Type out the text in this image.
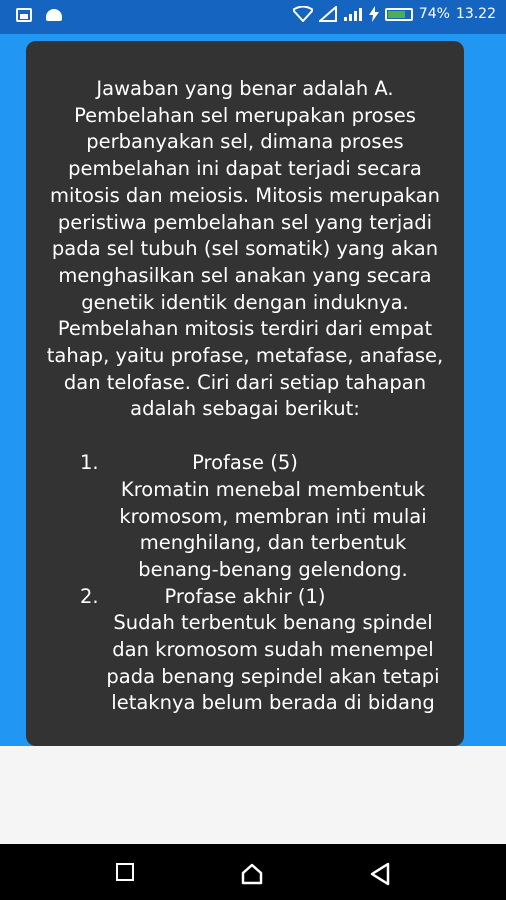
74% 13.22
Jawaban yang benar adalah A. Pembelahan sel merupakan proses perbanyakan sel, dimana proses pembelahan ini dapat terjadi secara mitosis dan meiosis. Mitosis merupakan peristiwa pembelahan sel yang terjadi pada sel tubuh (sel somatik) yang akan menghasilkan sel anakan yang secara genetik identik dengan induknya. Pembelahan mitosis terdiri dari empat tahap, yaitu profase, metafase, anafase, dan telofase. Ciri dari setiap tahapan adalah sebagai berikut:
1.	Profase (5)
Kromatin menebal membentuk kromosom, membran inti mulai menghilang, dan terbentuk benang-benang gelendong.
2.	Profase akhir (1)
Sudah terbentuk benang spindel dan kromosom sudah menempel pada benang sepindel akan tetapi letaknya belum berada di bidang
